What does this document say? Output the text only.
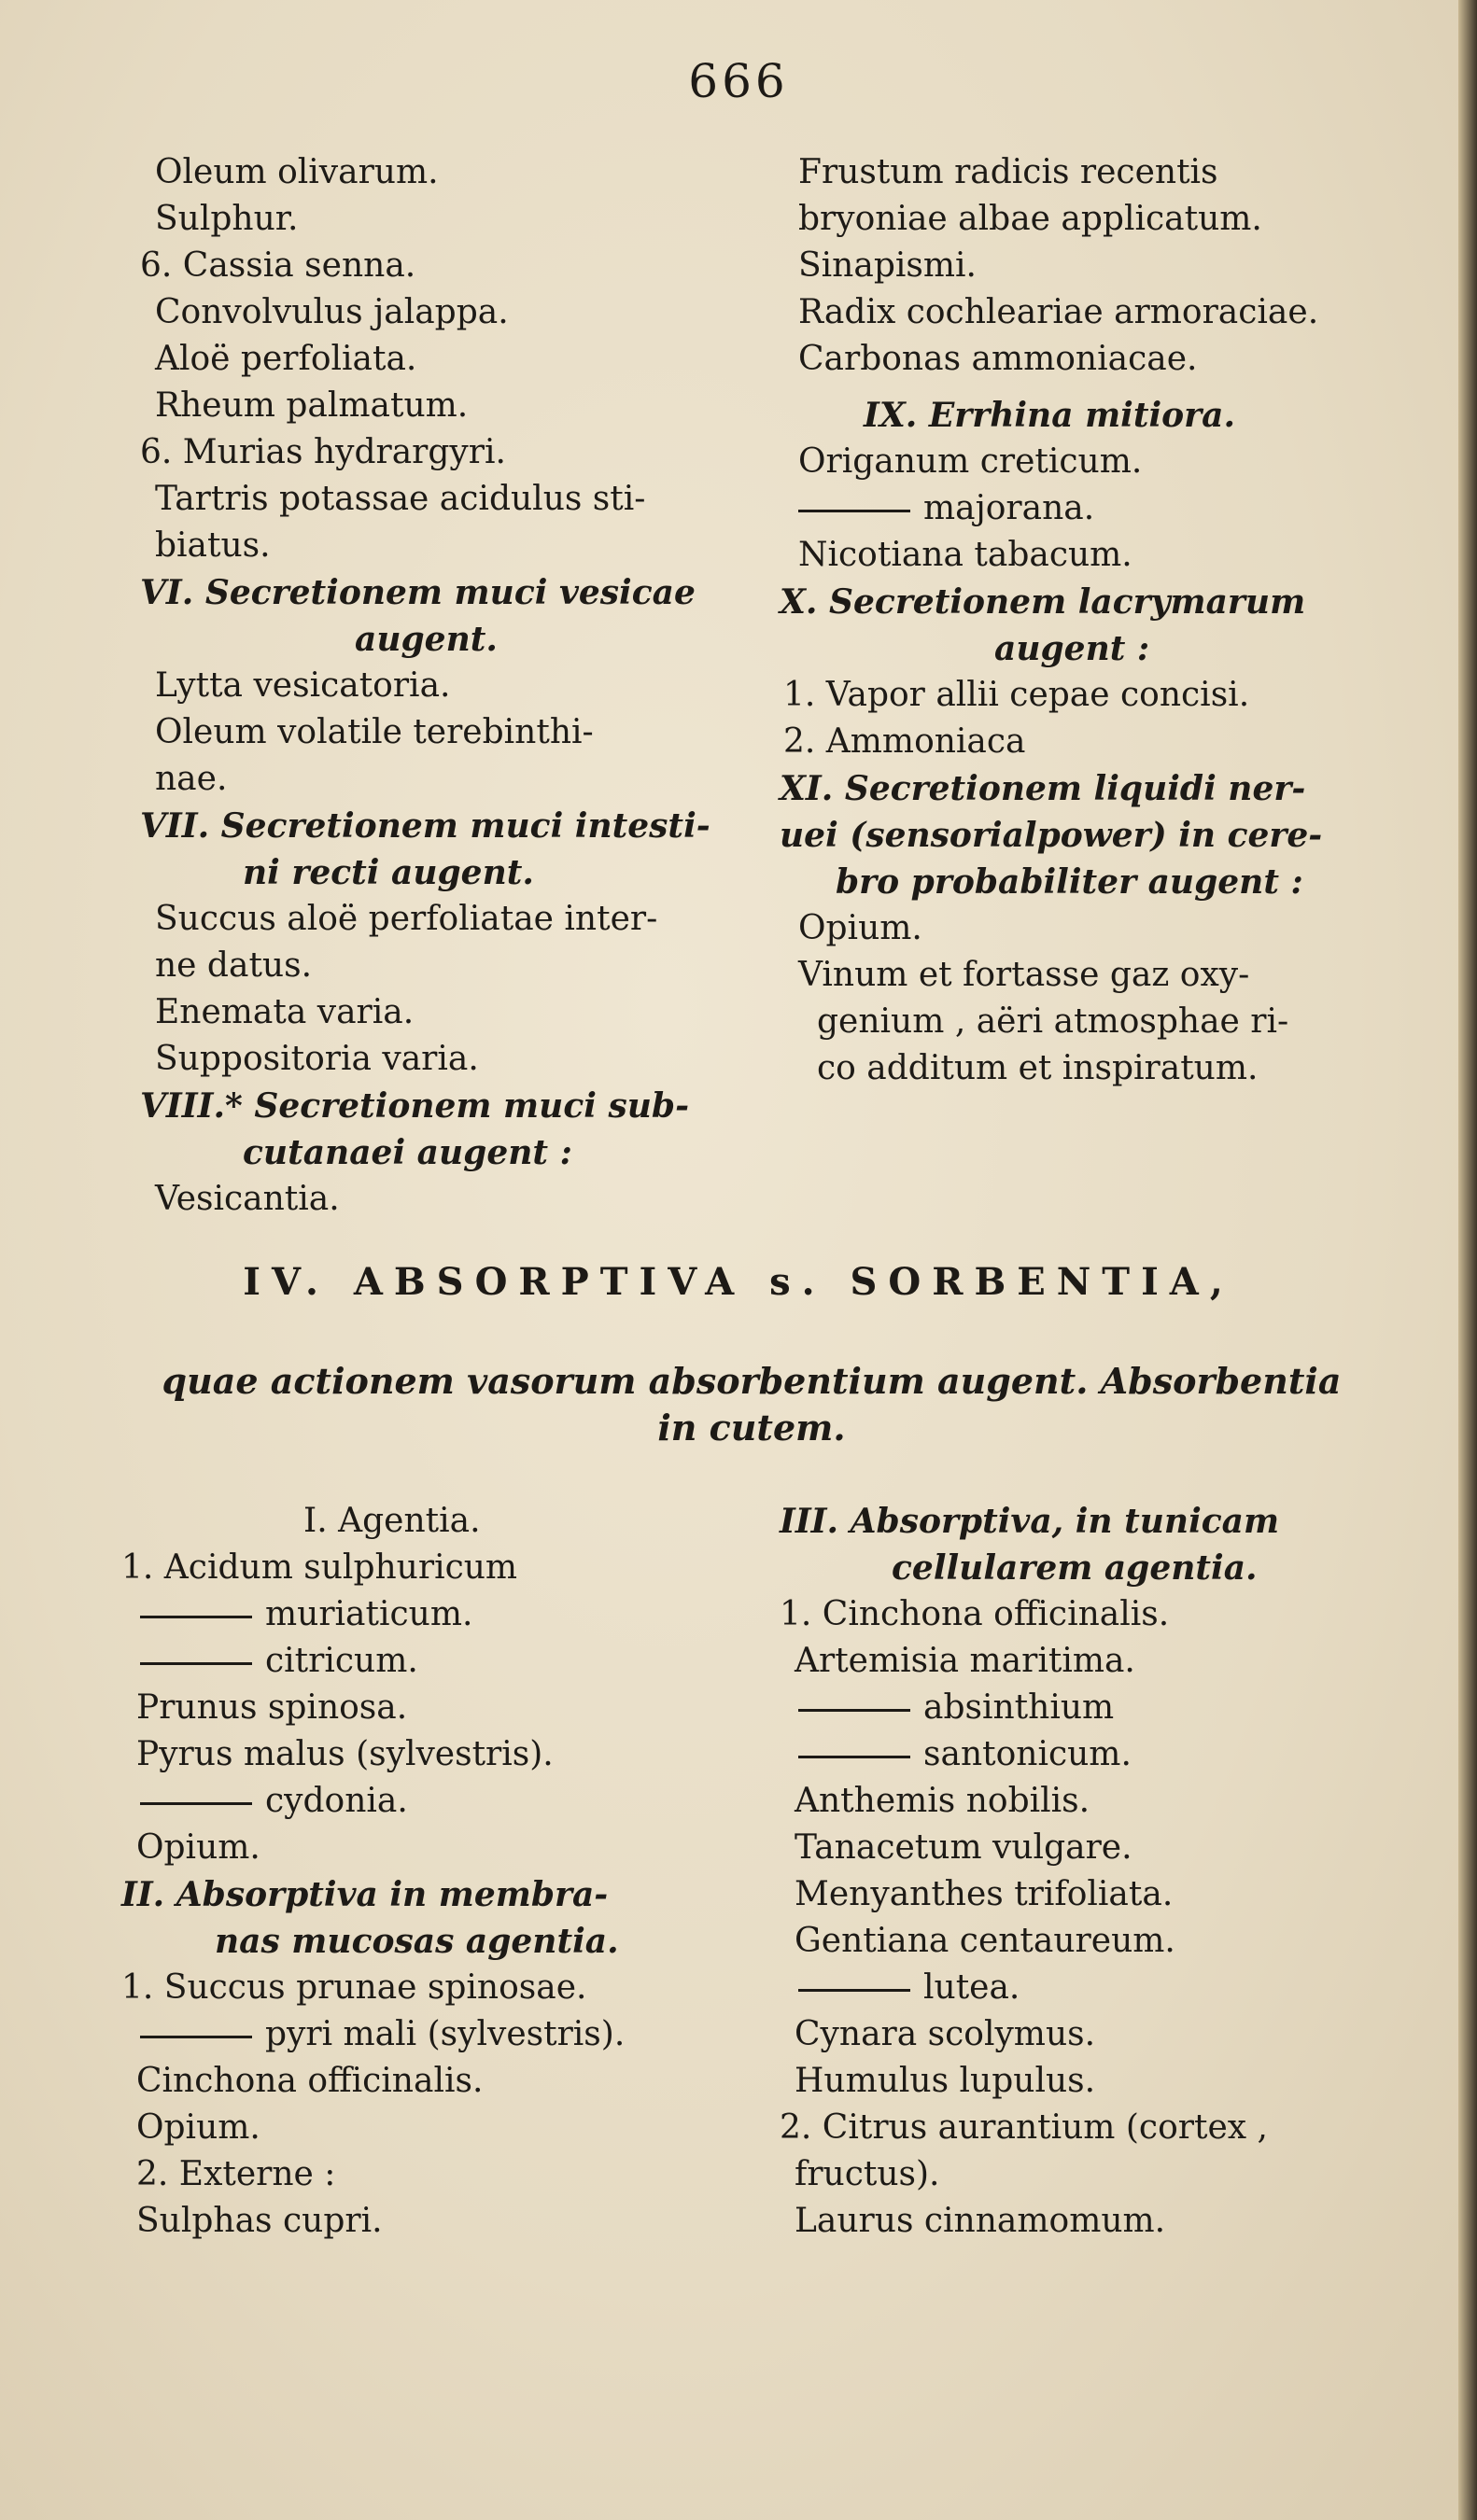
666
Oleum olivarum.
Sulphur.
6. Cassia senna.
Convolvulus jalappa.
Aloë perfoliata.
Rheum palmatum.
6. Murias hydrargyri.
Tartris potassae acidulus sti-
biatus.
VI. Secretionem muci vesicae
augent.
Lytta vesicatoria.
Oleum volatile terebinthi-
nae.
VII. Secretionem muci intesti-
ni recti augent.
Succus aloë perfoliatae inter-
ne datus.
Enemata varia.
Suppositoria varia.
VIII.* Secretionem muci sub-
cutanaei augent :
Vesicantia.
Frustum radicis recentis
bryoniae albae applicatum.
Sinapismi.
Radix cochleariae armoraciae.
Carbonas ammoniacae.
IX. Errhina mitiora.
Origanum creticum.
majorana.
Nicotiana tabacum.
X. Secretionem lacrymarum
augent :
1. Vapor allii cepae concisi.
2. Ammoniaca
XI. Secretionem liquidi ner-
uei (sensorialpower) in cere-
bro probabiliter augent :
Opium.
Vinum et fortasse gaz oxy-
genium , aëri atmosphae ri-
co additum et inspiratum.
IV. ABSORPTIVA s. SORBENTIA,
quae actionem vasorum absorbentium augent. Absorbentia
in cutem.
I. Agentia.
1. Acidum sulphuricum
muriaticum.
citricum.
Prunus spinosa.
Pyrus malus (sylvestris).
cydonia.
Opium.
II. Absorptiva in membra-
nas mucosas agentia.
1. Succus prunae spinosae.
pyri mali (sylvestris).
Cinchona officinalis.
Opium.
2. Externe :
Sulphas cupri.
III. Absorptiva, in tunicam
cellularem agentia.
1. Cinchona officinalis.
Artemisia maritima.
absinthium
santonicum.
Anthemis nobilis.
Tanacetum vulgare.
Menyanthes trifoliata.
Gentiana centaureum.
lutea.
Cynara scolymus.
Humulus lupulus.
2. Citrus aurantium (cortex ,
fructus).
Laurus cinnamomum.
